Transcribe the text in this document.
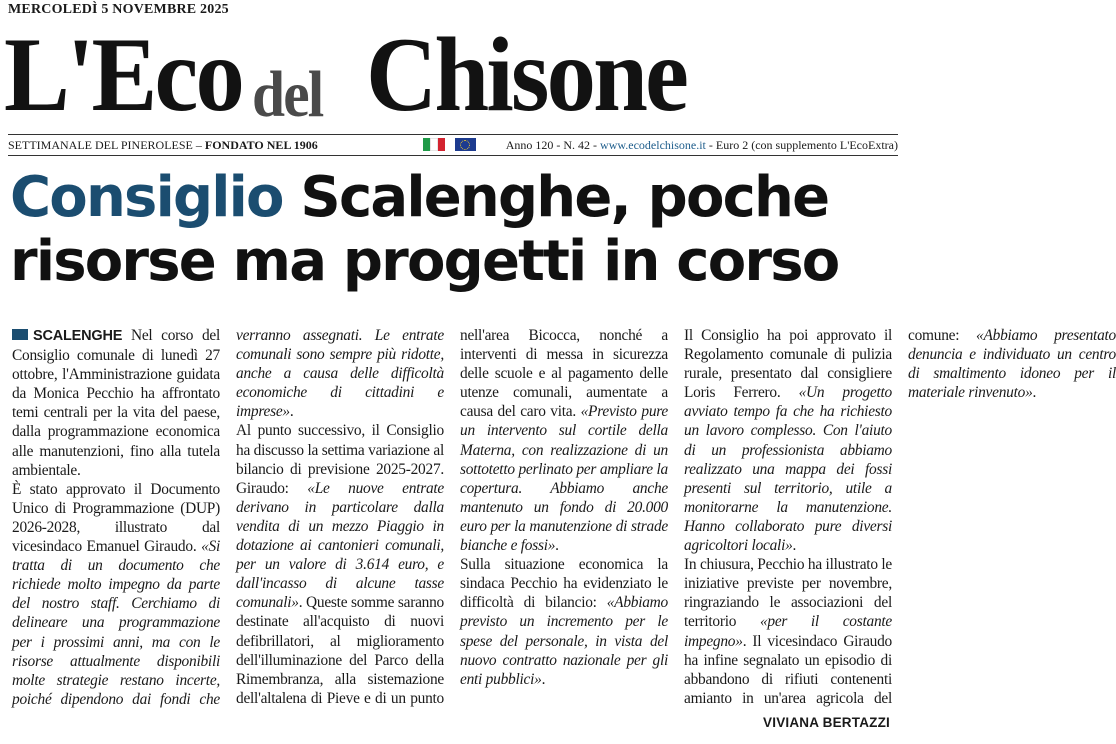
MERCOLEDÌ 5 NOVEMBRE 2025
L'Eco del Chisone
SETTIMANALE DEL PINEROLESE – FONDATO NEL 1906	Anno 120 - N. 42 - www.ecodelchisone.it - Euro 2 (con supplemento L'EcoExtra)
Consiglio Scalenghe, poche risorse ma progetti in corso

SCALENGHE Nel corso del Consiglio comunale di lunedì 27 ottobre, l'Amministrazione guidata da Monica Pecchio ha affrontato temi centrali per la vita del paese, dalla programmazione economica alle manutenzioni, fino alla tutela ambientale.

È stato approvato il Documento Unico di Programmazione (DUP) 2026-2028, illustrato dal vicesindaco Emanuel Giraudo. «Si tratta di un documento che richiede molto impegno da parte del nostro staff. Cerchiamo di delineare una programmazione per i prossimi anni, ma con le risorse attualmente disponibili molte strategie restano incerte, poiché dipendono dai fondi che verranno assegnati. Le entrate comunali sono sempre più ridotte, anche a causa delle difficoltà economiche di cittadini e imprese».

Al punto successivo, il Consiglio ha discusso la settima variazione al bilancio di previsione 2025-2027. Giraudo: «Le nuove entrate derivano in particolare dalla vendita di un mezzo Piaggio in dotazione ai cantonieri comunali, per un valore di 3.614 euro, e dall'incasso di alcune tasse comunali». Queste somme saranno destinate all'acquisto di nuovi defibrillatori, al miglioramento dell'illuminazione del Parco della Rimembranza, alla sistemazione dell'altalena di Pieve e di un punto nell'area Bicocca, nonché a interventi di messa in sicurezza delle scuole e al pagamento delle utenze comunali, aumentate a causa del caro vita. «Previsto pure un intervento sul cortile della Materna, con realizzazione di un sottotetto perlinato per ampliare la copertura. Abbiamo anche mantenuto un fondo di 20.000 euro per la manutenzione di strade bianche e fossi».

Sulla situazione economica la sindaca Pecchio ha evidenziato le difficoltà di bilancio: «Abbiamo previsto un incremento per le spese del personale, in vista del nuovo contratto nazionale per gli enti pubblici».

Il Consiglio ha poi approvato il Regolamento comunale di pulizia rurale, presentato dal consigliere Loris Ferrero. «Un progetto avviato tempo fa che ha richiesto un lavoro complesso. Con l'aiuto di un professionista abbiamo realizzato una mappa dei fossi presenti sul territorio, utile a monitorarne la manutenzione. Hanno collaborato pure diversi agricoltori locali».

In chiusura, Pecchio ha illustrato le iniziative previste per novembre, ringraziando le associazioni del territorio «per il costante impegno». Il vicesindaco Giraudo ha infine segnalato un episodio di abbandono di rifiuti contenenti amianto in un'area agricola del comune: «Abbiamo presentato denuncia e individuato un centro di smaltimento idoneo per il materiale rinvenuto».

VIVIANA BERTAZZI
